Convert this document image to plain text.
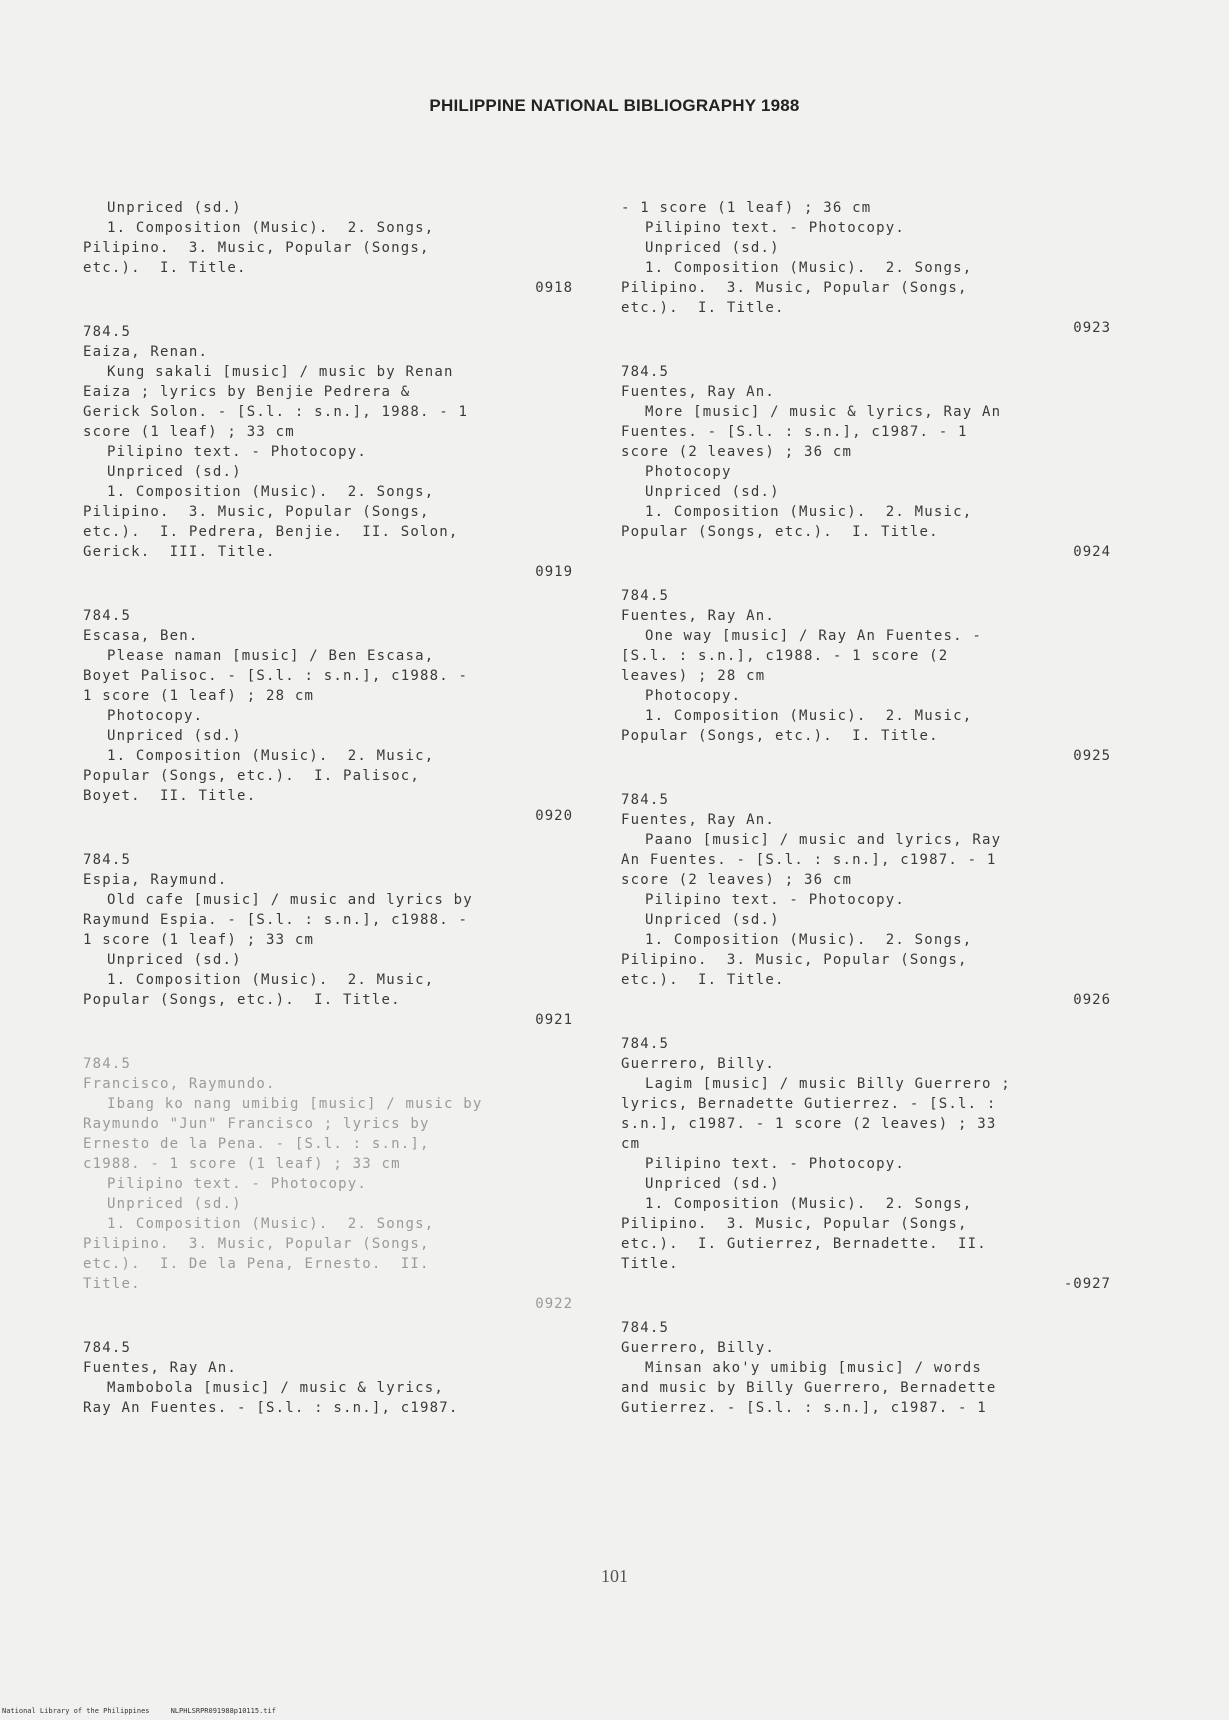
PHILIPPINE NATIONAL BIBLIOGRAPHY 1988
Unpriced (sd.)
1. Composition (Music).  2. Songs,
Pilipino.  3. Music, Popular (Songs,
etc.).  I. Title.
0918
784.5
Eaiza, Renan.
Kung sakali [music] / music by Renan
Eaiza ; lyrics by Benjie Pedrera &
Gerick Solon. - [S.l. : s.n.], 1988. - 1
score (1 leaf) ; 33 cm
Pilipino text. - Photocopy.
Unpriced (sd.)
1. Composition (Music).  2. Songs,
Pilipino.  3. Music, Popular (Songs,
etc.).  I. Pedrera, Benjie.  II. Solon,
Gerick.  III. Title.
0919
784.5
Escasa, Ben.
Please naman [music] / Ben Escasa,
Boyet Palisoc. - [S.l. : s.n.], c1988. -
1 score (1 leaf) ; 28 cm
Photocopy.
Unpriced (sd.)
1. Composition (Music).  2. Music,
Popular (Songs, etc.).  I. Palisoc,
Boyet.  II. Title.
0920
784.5
Espia, Raymund.
Old cafe [music] / music and lyrics by
Raymund Espia. - [S.l. : s.n.], c1988. -
1 score (1 leaf) ; 33 cm
Unpriced (sd.)
1. Composition (Music).  2. Music,
Popular (Songs, etc.).  I. Title.
0921
784.5
Francisco, Raymundo.
Ibang ko nang umibig [music] / music by
Raymundo "Jun" Francisco ; lyrics by
Ernesto de la Pena. - [S.l. : s.n.],
c1988. - 1 score (1 leaf) ; 33 cm
Pilipino text. - Photocopy.
Unpriced (sd.)
1. Composition (Music).  2. Songs,
Pilipino.  3. Music, Popular (Songs,
etc.).  I. De la Pena, Ernesto.  II.
Title.
0922
784.5
Fuentes, Ray An.
Mambobola [music] / music & lyrics,
Ray An Fuentes. - [S.l. : s.n.], c1987.
- 1 score (1 leaf) ; 36 cm
Pilipino text. - Photocopy.
Unpriced (sd.)
1. Composition (Music).  2. Songs,
Pilipino.  3. Music, Popular (Songs,
etc.).  I. Title.
0923
784.5
Fuentes, Ray An.
More [music] / music & lyrics, Ray An
Fuentes. - [S.l. : s.n.], c1987. - 1
score (2 leaves) ; 36 cm
Photocopy
Unpriced (sd.)
1. Composition (Music).  2. Music,
Popular (Songs, etc.).  I. Title.
0924
784.5
Fuentes, Ray An.
One way [music] / Ray An Fuentes. -
[S.l. : s.n.], c1988. - 1 score (2
leaves) ; 28 cm
Photocopy.
1. Composition (Music).  2. Music,
Popular (Songs, etc.).  I. Title.
0925
784.5
Fuentes, Ray An.
Paano [music] / music and lyrics, Ray
An Fuentes. - [S.l. : s.n.], c1987. - 1
score (2 leaves) ; 36 cm
Pilipino text. - Photocopy.
Unpriced (sd.)
1. Composition (Music).  2. Songs,
Pilipino.  3. Music, Popular (Songs,
etc.).  I. Title.
0926
784.5
Guerrero, Billy.
Lagim [music] / music Billy Guerrero ;
lyrics, Bernadette Gutierrez. - [S.l. :
s.n.], c1987. - 1 score (2 leaves) ; 33
cm
Pilipino text. - Photocopy.
Unpriced (sd.)
1. Composition (Music).  2. Songs,
Pilipino.  3. Music, Popular (Songs,
etc.).  I. Gutierrez, Bernadette.  II.
Title.
-0927
784.5
Guerrero, Billy.
Minsan ako'y umibig [music] / words
and music by Billy Guerrero, Bernadette
Gutierrez. - [S.l. : s.n.], c1987. - 1
101
National Library of the Philippines     NLPHLSRPR091988p10115.tif
